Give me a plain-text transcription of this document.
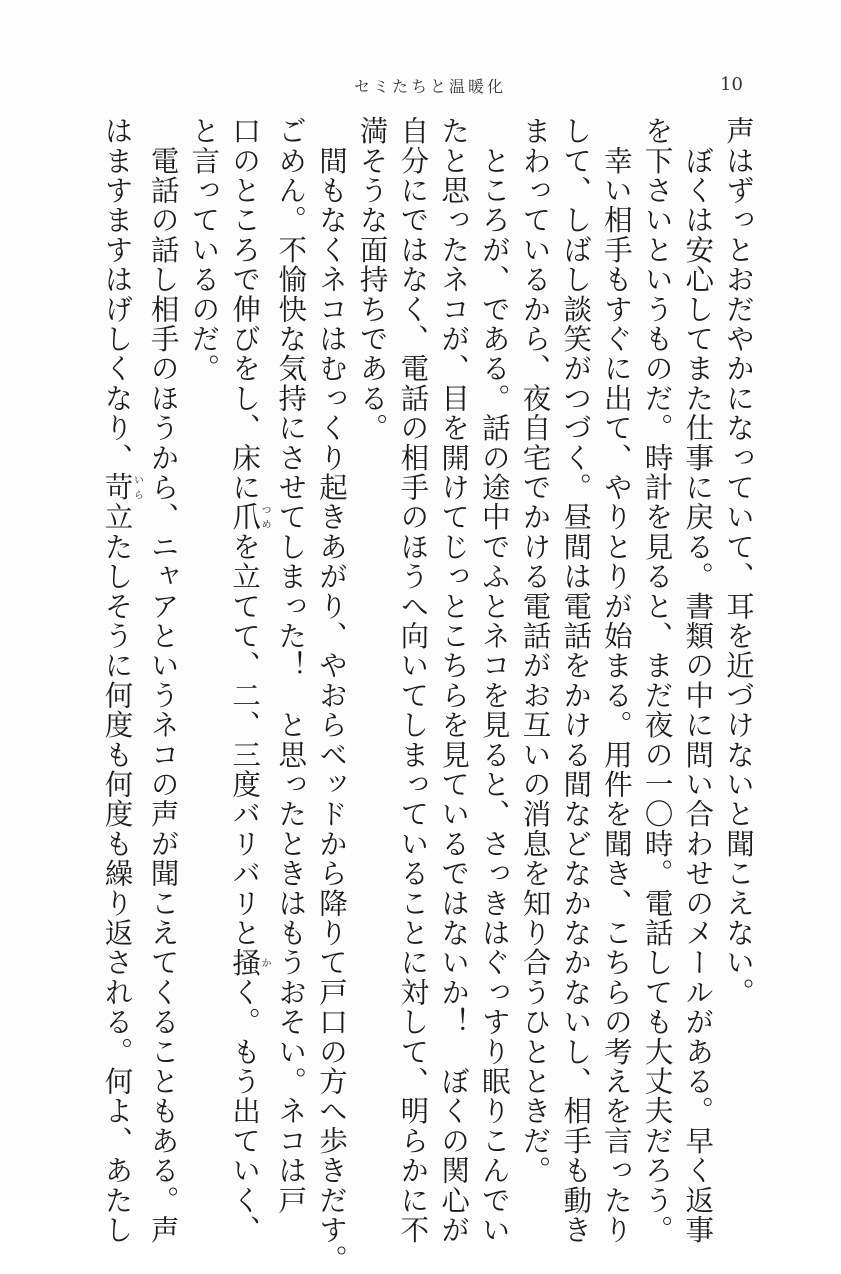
セミたちと温暖化	10
声はずっとおだやかになっていて、耳を近づけないと聞こえない。
　ぼくは安心してまた仕事に戻る。書類の中に問い合わせのメールがある。早く返事
を下さいというものだ。時計を見ると、まだ夜の一〇時。電話しても大丈夫だろう。
　幸い相手もすぐに出て、やりとりが始まる。用件を聞き、こちらの考えを言ったり
して、しばし談笑がつづく。昼間は電話をかける間などなかなかないし、相手も動き
まわっているから、夜自宅でかける電話がお互いの消息を知り合うひとときだ。
　ところが、である。話の途中でふとネコを見ると、さっきはぐっすり眠りこんでい
たと思ったネコが、目を開けてじっとこちらを見ているではないか！　ぼくの関心が
自分にではなく、電話の相手のほうへ向いてしまっていることに対して、明らかに不
満そうな面持ちである。
　間もなくネコはむっくり起きあがり、やおらベッドから降りて戸口の方へ歩きだす。
ごめん。不愉快な気持にさせてしまった！　と思ったときはもうおそい。ネコは戸
口のところで伸びをし、床に爪つめを立てて、二、三度バリバリと掻かく。もう出ていく、
と言っているのだ。
　電話の話し相手のほうから、ニャアというネコの声が聞こえてくることもある。声
はますますはげしくなり、苛いら立たしそうに何度も何度も繰り返される。何よ、あたし
